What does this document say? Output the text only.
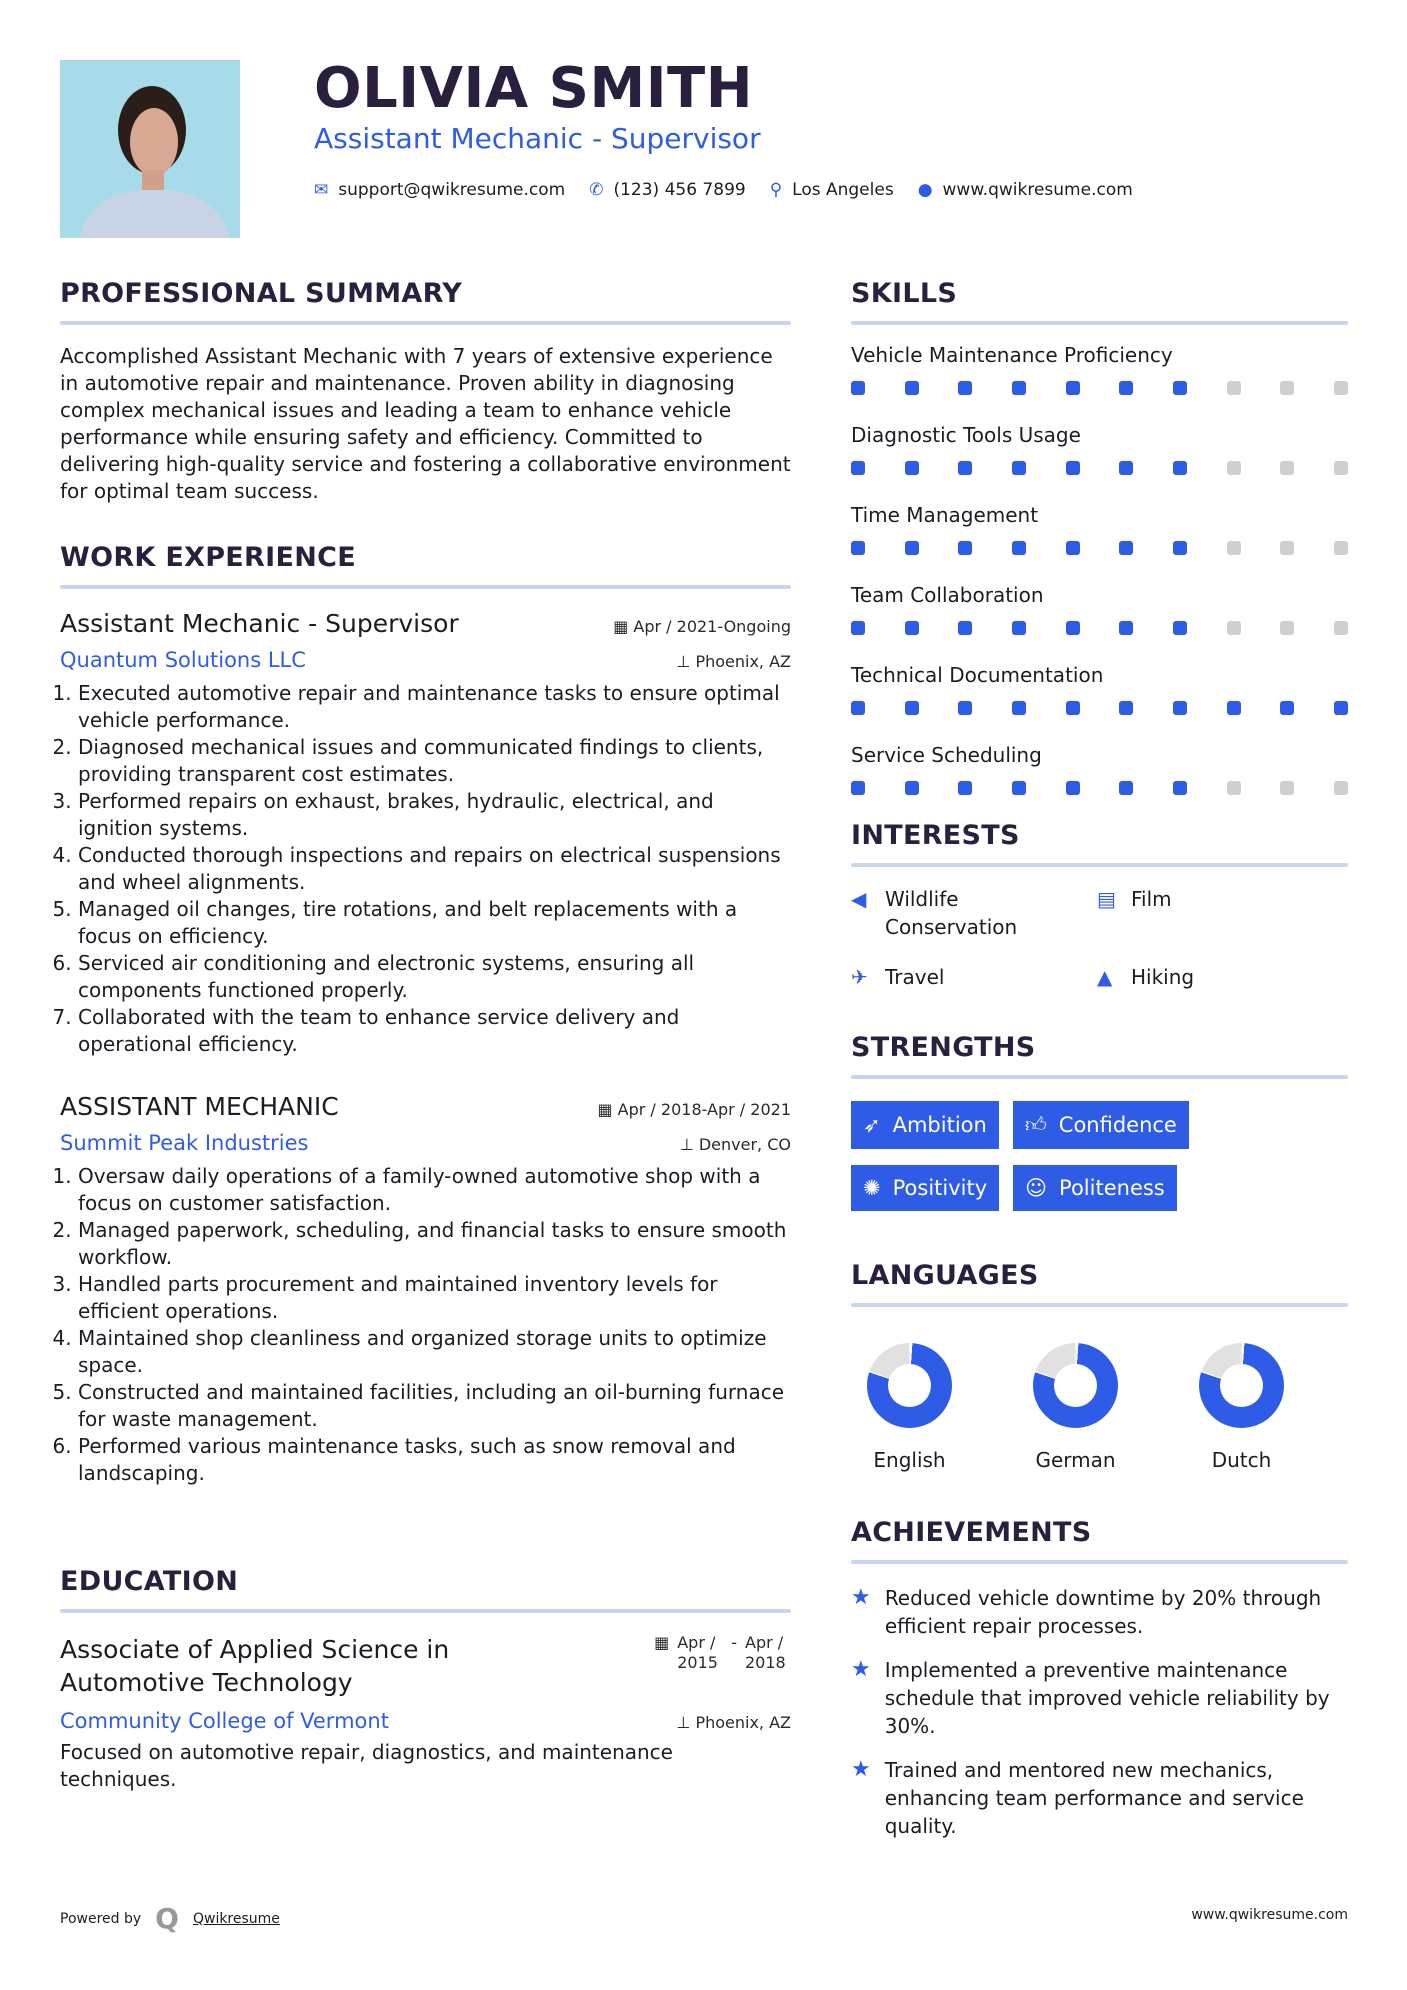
OLIVIA SMITH
Assistant Mechanic - Supervisor
✉ support@qwikresume.com ✆ (123) 456 7899 ⚲ Los Angeles ● www.qwikresume.com
PROFESSIONAL SUMMARY
Accomplished Assistant Mechanic with 7 years of extensive experience in automotive repair and maintenance. Proven ability in diagnosing complex mechanical issues and leading a team to enhance vehicle performance while ensuring safety and efficiency. Committed to delivering high-quality service and fostering a collaborative environment for optimal team success.
WORK EXPERIENCE
Assistant Mechanic - Supervisor	▦ Apr / 2021-Ongoing
Quantum Solutions LLC	⊥ Phoenix, AZ
1. Executed automotive repair and maintenance tasks to ensure optimal vehicle performance.
2. Diagnosed mechanical issues and communicated findings to clients, providing transparent cost estimates.
3. Performed repairs on exhaust, brakes, hydraulic, electrical, and ignition systems.
4. Conducted thorough inspections and repairs on electrical suspensions and wheel alignments.
5. Managed oil changes, tire rotations, and belt replacements with a focus on efficiency.
6. Serviced air conditioning and electronic systems, ensuring all components functioned properly.
7. Collaborated with the team to enhance service delivery and operational efficiency.
ASSISTANT MECHANIC	▦ Apr / 2018-Apr / 2021
Summit Peak Industries	⊥ Denver, CO
1. Oversaw daily operations of a family-owned automotive shop with a focus on customer satisfaction.
2. Managed paperwork, scheduling, and financial tasks to ensure smooth workflow.
3. Handled parts procurement and maintained inventory levels for efficient operations.
4. Maintained shop cleanliness and organized storage units to optimize space.
5. Constructed and maintained facilities, including an oil-burning furnace for waste management.
6. Performed various maintenance tasks, such as snow removal and landscaping.
EDUCATION
Associate of Applied Science in Automotive Technology
▦ Apr / 2015
- Apr / 2018
Community College of Vermont	⊥ Phoenix, AZ
Focused on automotive repair, diagnostics, and maintenance techniques.
Powered by Q Qwikresume	www.qwikresume.com
SKILLS
Vehicle Maintenance Proficiency
Diagnostic Tools Usage
Time Management
Team Collaboration
Technical Documentation
Service Scheduling
INTERESTS
◀ Wildlife Conservation
▤ Film
✈ Travel	▲ Hiking
STRENGTHS
➶ Ambition 👍︎ Confidence
✺ Positivity ☺ Politeness
LANGUAGES
English	German	Dutch
ACHIEVEMENTS
★ Reduced vehicle downtime by 20% through efficient repair processes.
★ Implemented a preventive maintenance schedule that improved vehicle reliability by 30%.
★ Trained and mentored new mechanics, enhancing team performance and service quality.
